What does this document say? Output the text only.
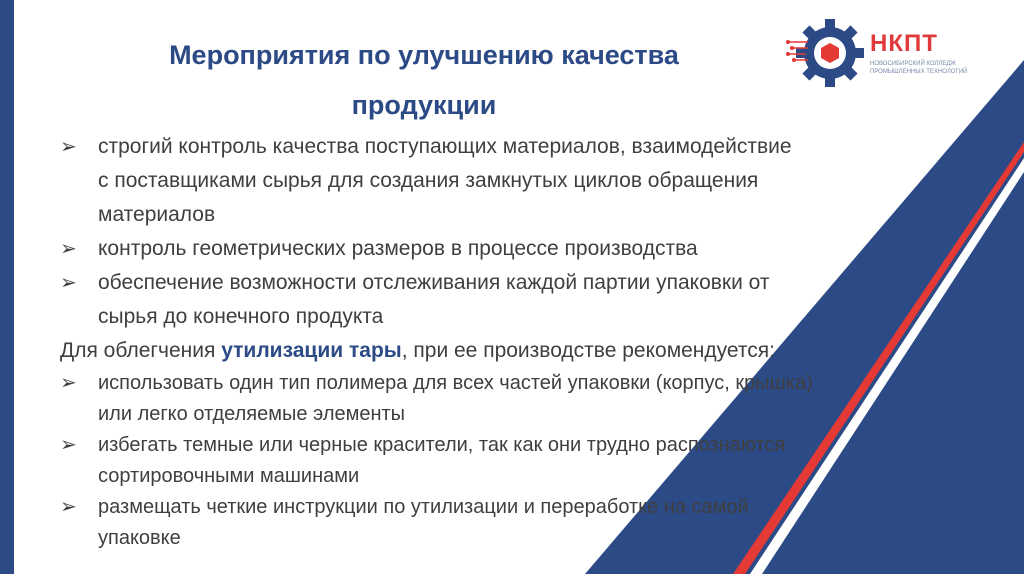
НКПТ
НОВОСИБИРСКИЙ КОЛЛЕДЖ
ПРОМЫШЛЕННЫХ ТЕХНОЛОГИЙ
Мероприятия по улучшению качества
продукции
➢	строгий контроль качества поступающих материалов, взаимодействие
с поставщиками сырья для создания замкнутых циклов обращения
материалов
➢	контроль геометрических размеров в процессе производства
➢	обеспечение возможности отслеживания каждой партии упаковки от
сырья до конечного продукта
Для облегчения утилизации тары, при ее производстве рекомендуется:
➢	использовать один тип полимера для всех частей упаковки (корпус, крышка)
или легко отделяемые элементы
➢	избегать темные или черные красители, так как они трудно распознаются
сортировочными машинами
➢	размещать четкие инструкции по утилизации и переработке на самой
упаковке
